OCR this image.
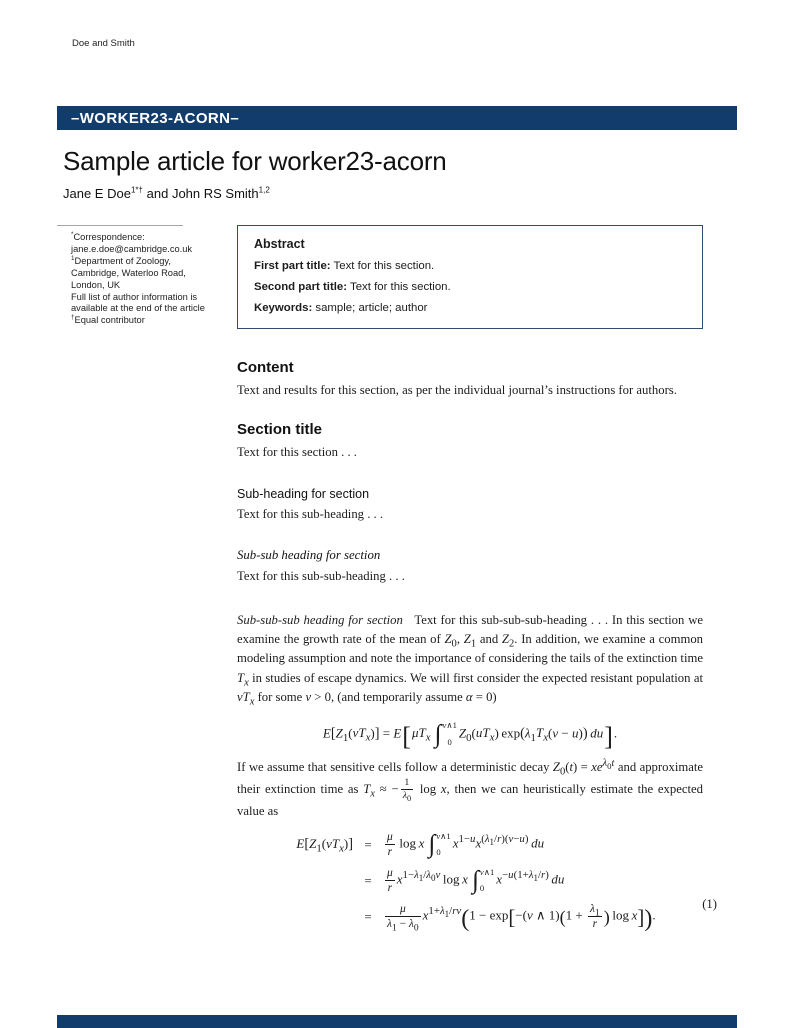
Doe and Smith
–WORKER23-ACORN–
Sample article for worker23-acorn
Jane E Doe$^{1*\dagger}$ and John RS Smith$^{1,2}$
*Correspondence:
jane.e.doe@cambridge.co.uk
$^1$Department of Zoology,
Cambridge, Waterloo Road,
London, UK
Full list of author information is
available at the end of the article
†Equal contributor
Abstract

First part title: Text for this section.

Second part title: Text for this section.

Keywords: sample; article; author

Content

Text and results for this section, as per the individual journal’s instructions for authors.

Section title

Text for this section . . .

Sub-heading for section

Text for this sub-heading . . .

Sub-sub heading for section

Text for this sub-sub-heading . . .

Sub-sub-sub heading for section   Text for this sub-sub-sub-heading . . . In this section we examine the growth rate of the mean of $Z_0$, $Z_1$ and $Z_2$. In addition, we examine a common modeling assumption and note the importance of considering the tails of the extinction time $T_x$ in studies of escape dynamics. We will first consider the expected resistant population at $vT_x$ for some v > 0, (and temporarily assume α = 0)

$E[Z_1(vT_x)] = E[\mu T_x$ ∫ v∧1
0
$Z_0(uT_x) \exp(\lambda_1T_x(v - u))$  du].

If we assume that sensitive cells follow a deterministic decay $Z_0(t) = xe^{\lambda_0t}$ and approximate their extinction time as $T_x$ ≈ − $\frac{1}{\lambda_0}$ log x, then we can heuristically estimate the expected value as

$E[Z_1(vT_x)] = \frac{\mu}{r}$  log x ∫ v∧1
0
$x^{1-u}x^{(\lambda_1/r)(v-u)}$  du
= $\frac{\mu}{r} x^{1-\lambda_1/\lambda_0v}$ log x ∫ v∧1
0
$x^{-u(1+\lambda_1/r)}$  du
= $\frac{\mu}{\lambda_1 - \lambda_0} x^{1+\lambda_1/rv}(1 - \exp[-(v$ ∧ $1)(1 + \frac{\lambda_1}{r}$ ) log x]).
(1)
